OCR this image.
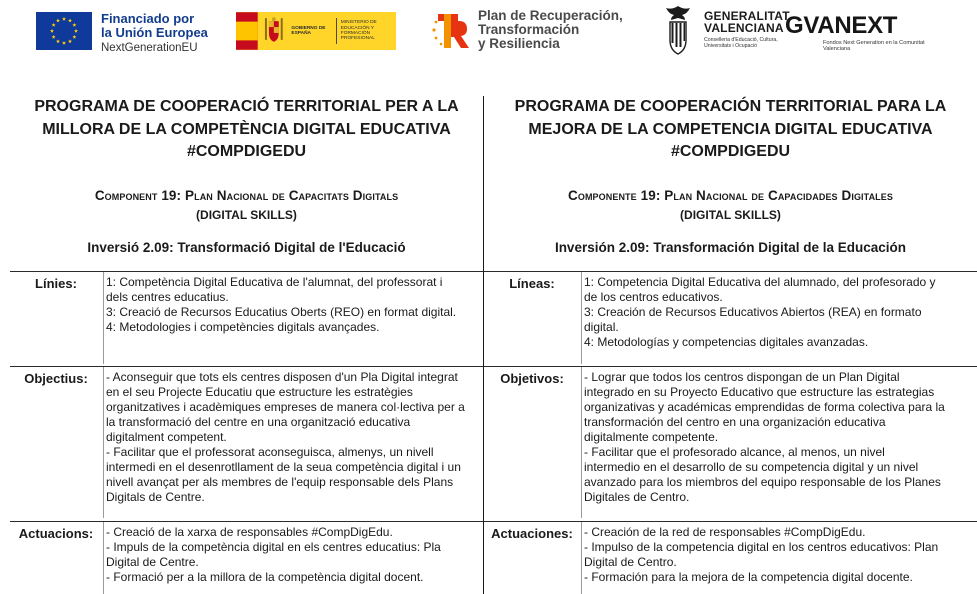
Financiado por
la Unión Europea
NextGenerationEU
GOBIERNO DE ESPAÑA
MINISTERIO DE EDUCACIÓN Y FORMACIÓN PROFESIONAL
Plan de Recuperación,
Transformación
y Resiliencia
GENERALITAT
VALENCIANA
Conselleria d'Educació, Cultura, Universitats i Ocupació
GVANEXT
Fondos Next Generation en la Comunitat Valenciana
PROGRAMA DE COOPERACIÓ TERRITORIAL PER A LA
MILLORA DE LA COMPETÈNCIA DIGITAL EDUCATIVA
#COMPDIGEDU
Component 19: Plan Nacional de Capacitats Digitals
(DIGITAL SKILLS)
Inversió 2.09: Transformació Digital de l'Educació
Línies:	1: Competència Digital Educativa de l'alumnat, del professorat i
dels centres educatius.
3: Creació de Recursos Educatius Oberts (REO) en format digital.
4: Metodologies i competències digitals avançades.
Objectius:	- Aconseguir que tots els centres disposen d'un Pla Digital integrat
en el seu Projecte Educatiu que estructure les estratègies
organitzatives i acadèmiques empreses de manera col·lectiva per a
la transformació del centre en una organització educativa
digitalment competent.
- Facilitar que el professorat aconseguisca, almenys, un nivell
intermedi en el desenrotllament de la seua competència digital i un
nivell avançat per als membres de l'equip responsable dels Plans
Digitals de Centre.
Actuacions:	- Creació de la xarxa de responsables #CompDigEdu.
- Impuls de la competència digital en els centres educatius: Pla
Digital de Centre.
- Formació per a la millora de la competència digital docent.
PROGRAMA DE COOPERACIÓN TERRITORIAL PARA LA
MEJORA DE LA COMPETENCIA DIGITAL EDUCATIVA
#COMPDIGEDU
Componente 19: Plan Nacional de Capacidades Digitales
(DIGITAL SKILLS)
Inversión 2.09: Transformación Digital de la Educación
Líneas:	1: Competencia Digital Educativa del alumnado, del profesorado y
de los centros educativos.
3: Creación de Recursos Educativos Abiertos (REA) en formato
digital.
4: Metodologías y competencias digitales avanzadas.
Objetivos:	- Lograr que todos los centros dispongan de un Plan Digital
integrado en su Proyecto Educativo que estructure las estrategias
organizativas y académicas emprendidas de forma colectiva para la
transformación del centro en una organización educativa
digitalmente competente.
- Facilitar que el profesorado alcance, al menos, un nivel
intermedio en el desarrollo de su competencia digital y un nivel
avanzado para los miembros del equipo responsable de los Planes
Digitales de Centro.
Actuaciones: - Creación de la red de responsables #CompDigEdu.
- Impulso de la competencia digital en los centros educativos: Plan
Digital de Centro.
- Formación para la mejora de la competencia digital docente.
